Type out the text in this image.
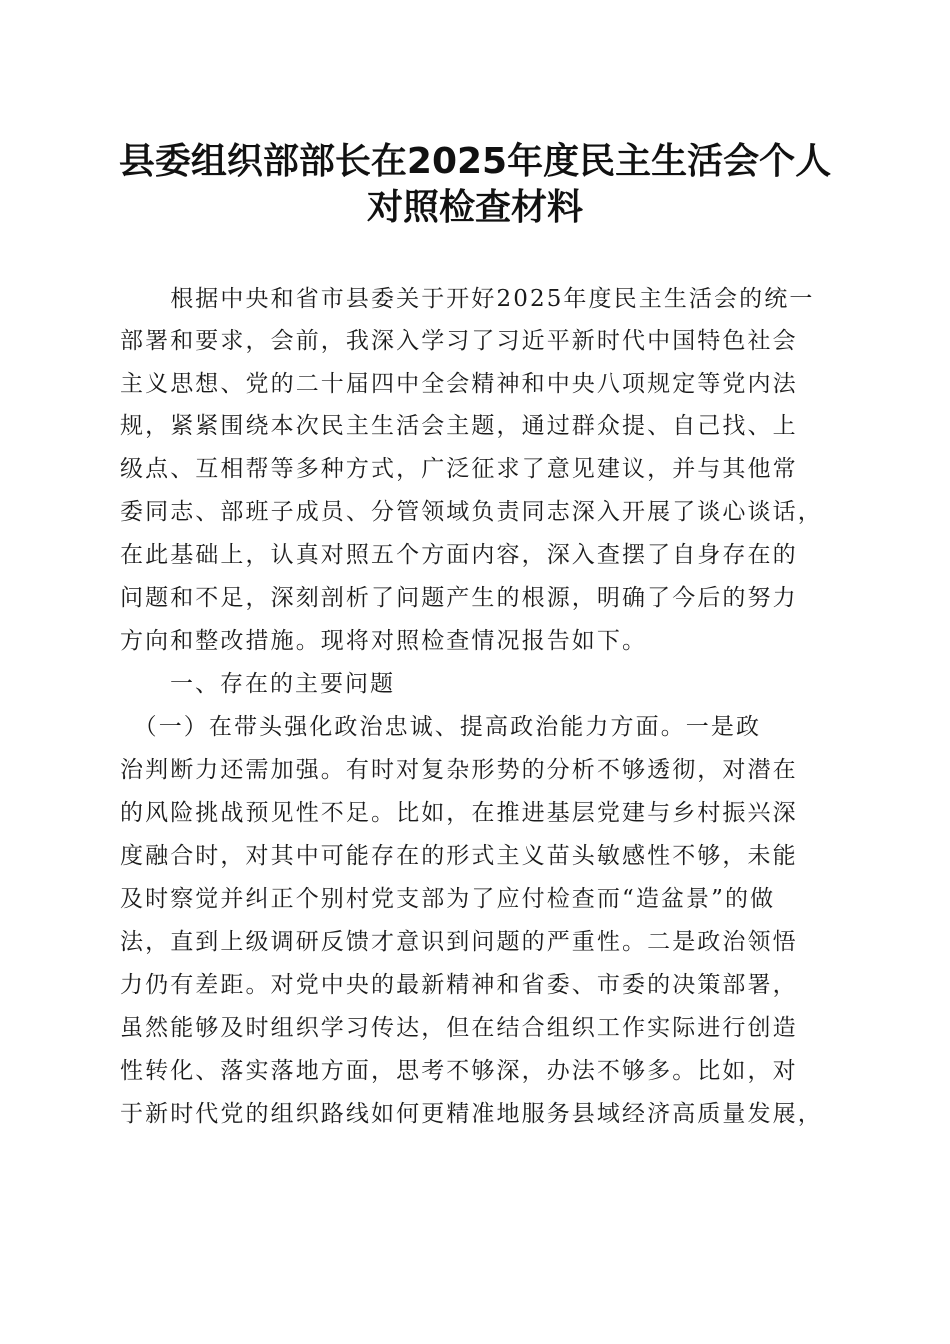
县委组织部部长在2025年度民主生活会个人
对照检查材料
　　根据中央和省市县委关于开好2025年度民主生活会的统一
部署和要求，会前，我深入学习了习近平新时代中国特色社会
主义思想、党的二十届四中全会精神和中央八项规定等党内法
规，紧紧围绕本次民主生活会主题，通过群众提、自己找、上
级点、互相帮等多种方式，广泛征求了意见建议，并与其他常
委同志、部班子成员、分管领域负责同志深入开展了谈心谈话，
在此基础上，认真对照五个方面内容，深入查摆了自身存在的
问题和不足，深刻剖析了问题产生的根源，明确了今后的努力
方向和整改措施。现将对照检查情况报告如下。
　　一、存在的主要问题
　（一）在带头强化政治忠诚、提高政治能力方面。一是政
治判断力还需加强。有时对复杂形势的分析不够透彻，对潜在
的风险挑战预见性不足。比如，在推进基层党建与乡村振兴深
度融合时，对其中可能存在的形式主义苗头敏感性不够，未能
及时察觉并纠正个别村党支部为了应付检查而“造盆景”的做
法，直到上级调研反馈才意识到问题的严重性。二是政治领悟
力仍有差距。对党中央的最新精神和省委、市委的决策部署，
虽然能够及时组织学习传达，但在结合组织工作实际进行创造
性转化、落实落地方面，思考不够深，办法不够多。比如，对
于新时代党的组织路线如何更精准地服务县域经济高质量发展，
